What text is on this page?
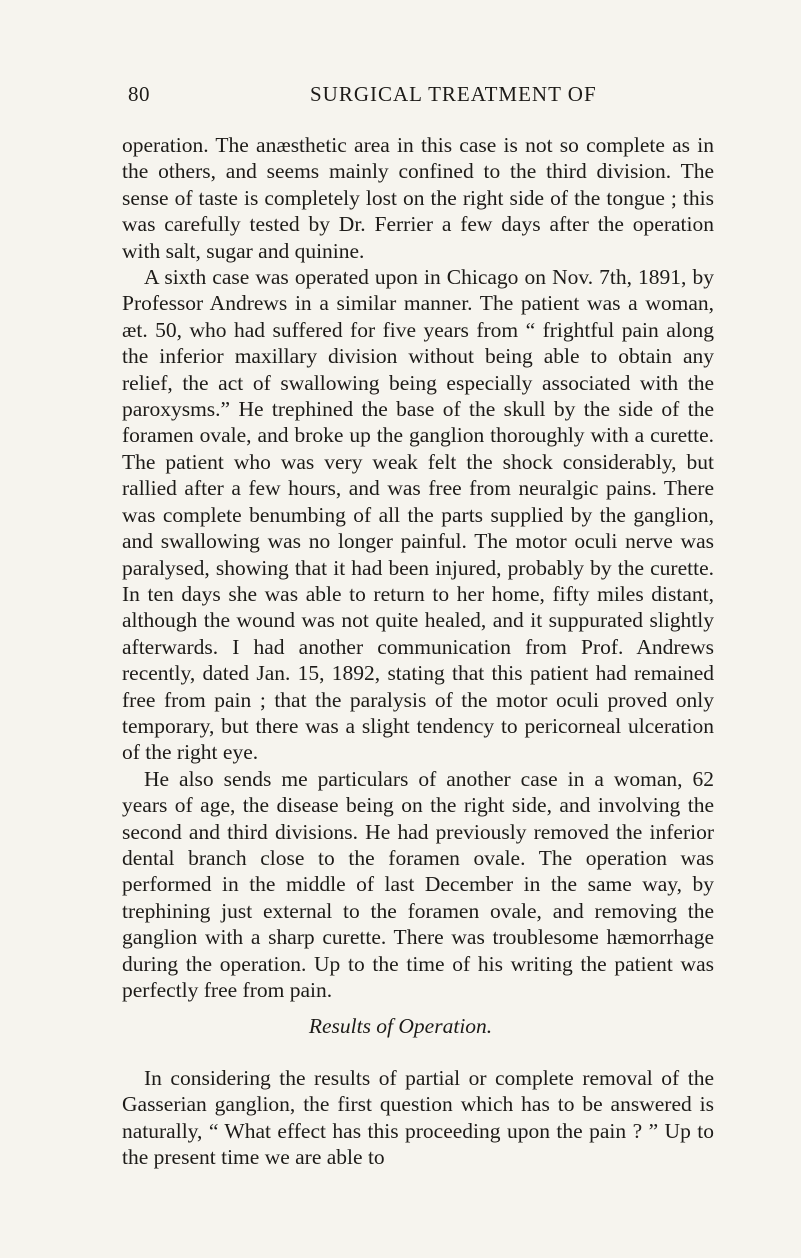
80	SURGICAL TREATMENT OF

operation. The anæsthetic area in this case is not so complete as in the others, and seems mainly confined to the third division. The sense of taste is completely lost on the right side of the tongue ; this was carefully tested by Dr. Ferrier a few days after the operation with salt, sugar and quinine.

A sixth case was operated upon in Chicago on Nov. 7th, 1891, by Professor Andrews in a similar manner. The patient was a woman, æt. 50, who had suffered for five years from “ frightful pain along the inferior maxillary division without being able to obtain any relief, the act of swallowing being especially associated with the paroxysms.” He trephined the base of the skull by the side of the foramen ovale, and broke up the ganglion thoroughly with a curette. The patient who was very weak felt the shock considerably, but rallied after a few hours, and was free from neuralgic pains. There was complete benumbing of all the parts supplied by the ganglion, and swallowing was no longer painful. The motor oculi nerve was paralysed, showing that it had been injured, probably by the curette. In ten days she was able to return to her home, fifty miles distant, although the wound was not quite healed, and it suppurated slightly afterwards. I had another communication from Prof. Andrews recently, dated Jan. 15, 1892, stating that this patient had remained free from pain ; that the paralysis of the motor oculi proved only temporary, but there was a slight tendency to pericorneal ulceration of the right eye.

He also sends me particulars of another case in a woman, 62 years of age, the disease being on the right side, and involving the second and third divisions. He had previously removed the inferior dental branch close to the foramen ovale. The operation was performed in the middle of last December in the same way, by trephining just external to the foramen ovale, and removing the ganglion with a sharp curette. There was troublesome hæmorrhage during the operation. Up to the time of his writing the patient was perfectly free from pain.

Results of Operation.

In considering the results of partial or complete removal of the Gasserian ganglion, the first question which has to be answered is naturally, “ What effect has this proceeding upon the pain ? ” Up to the present time we are able to
